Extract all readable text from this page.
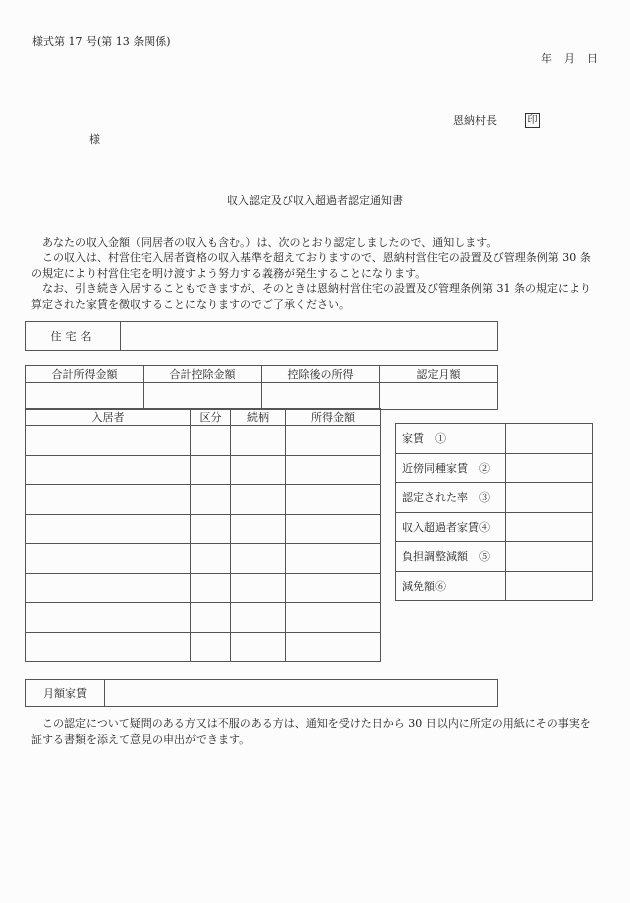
様式第 17 号(第 13 条関係)
年 月 日
恩納村長	印
様
収入認定及び収入超過者認定通知書
あなたの収入金額（同居者の収入も含む。）は、次のとおり認定しましたので、通知します。
この収入は、村営住宅入居者資格の収入基準を超えておりますので、恩納村営住宅の設置及び管理条例第 30 条の規定により村営住宅を明け渡すよう努力する義務が発生することになります。
なお、引き続き入居することもできますが、そのときは恩納村営住宅の設置及び管理条例第 31 条の規定により算定された家賃を徴収することになりますのでご了承ください。
住宅名	
合計所得金額	合計控除金額	控除後の所得	認定月額

入居者	区分	続柄	所得金額

家賃　①	
近傍同種家賃　②	
認定された率　③	
収入超過者家賃④	
負担調整減額　⑤	
減免額⑥	
月額家賃	
この認定について疑問のある方又は不服のある方は、通知を受けた日から 30 日以内に所定の用紙にその事実を証する書類を添えて意見の申出ができます。
